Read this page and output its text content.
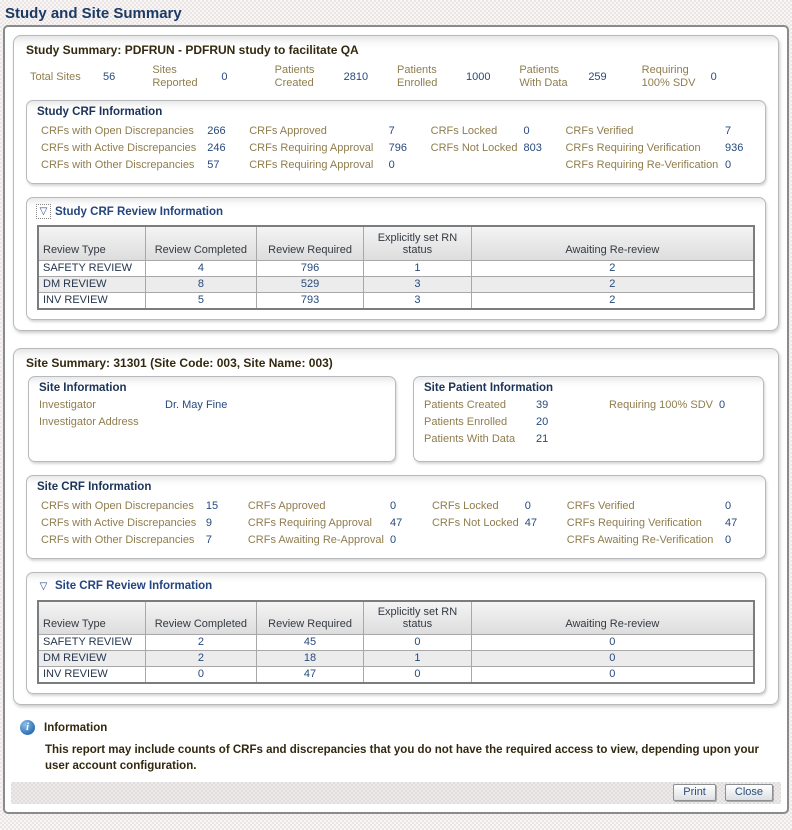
Study and Site Summary
Study Summary: PDFRUN - PDFRUN study to facilitate QA
Total Sites	56
Sites Reported	0
Patients Created	2810
Patients Enrolled	1000
Patients With Data	259
Requiring 100% SDV	0
Study CRF Information
CRFs with Open Discrepancies	266
CRFs with Active Discrepancies 246
CRFs with Other Discrepancies	57
CRFs Approved	7
CRFs Requiring Approval	796
CRFs Requiring Approval	0
CRFs Locked	0
CRFs Not Locked 803
CRFs Verified	7
CRFs Requiring Verification	936
CRFs Requiring Re-Verification 0
▽ Study CRF Review Information
Review Type	Review Completed	Review Required	Explicitly set RN status	Awaiting Re-review
SAFETY REVIEW	4	796	1	2
DM REVIEW	8	529	3	2
INV REVIEW	5	793	3	2
Site Summary: 31301 (Site Code: 003, Site Name: 003)
Site Information
Investigator	Dr. May Fine
Investigator Address
Site Patient Information
Patients Created	39
Patients Enrolled	20
Patients With Data	21
Requiring 100% SDV 0
Site CRF Information
CRFs with Open Discrepancies	15
CRFs with Active Discrepancies 9
CRFs with Other Discrepancies	7
CRFs Approved	0
CRFs Requiring Approval	47
CRFs Awaiting Re-Approval 0
CRFs Locked	0
CRFs Not Locked 47
CRFs Verified	0
CRFs Requiring Verification	47
CRFs Awaiting Re-Verification	0
▽ Site CRF Review Information
Review Type	Review Completed	Review Required	Explicitly set RN status	Awaiting Re-review
SAFETY REVIEW	2	45	0	0
DM REVIEW	2	18	1	0
INV REVIEW	0	47	0	0
i	Information
This report may include counts of CRFs and discrepancies that you do not have the required access to view, depending upon your user account configuration.
Print	Close
